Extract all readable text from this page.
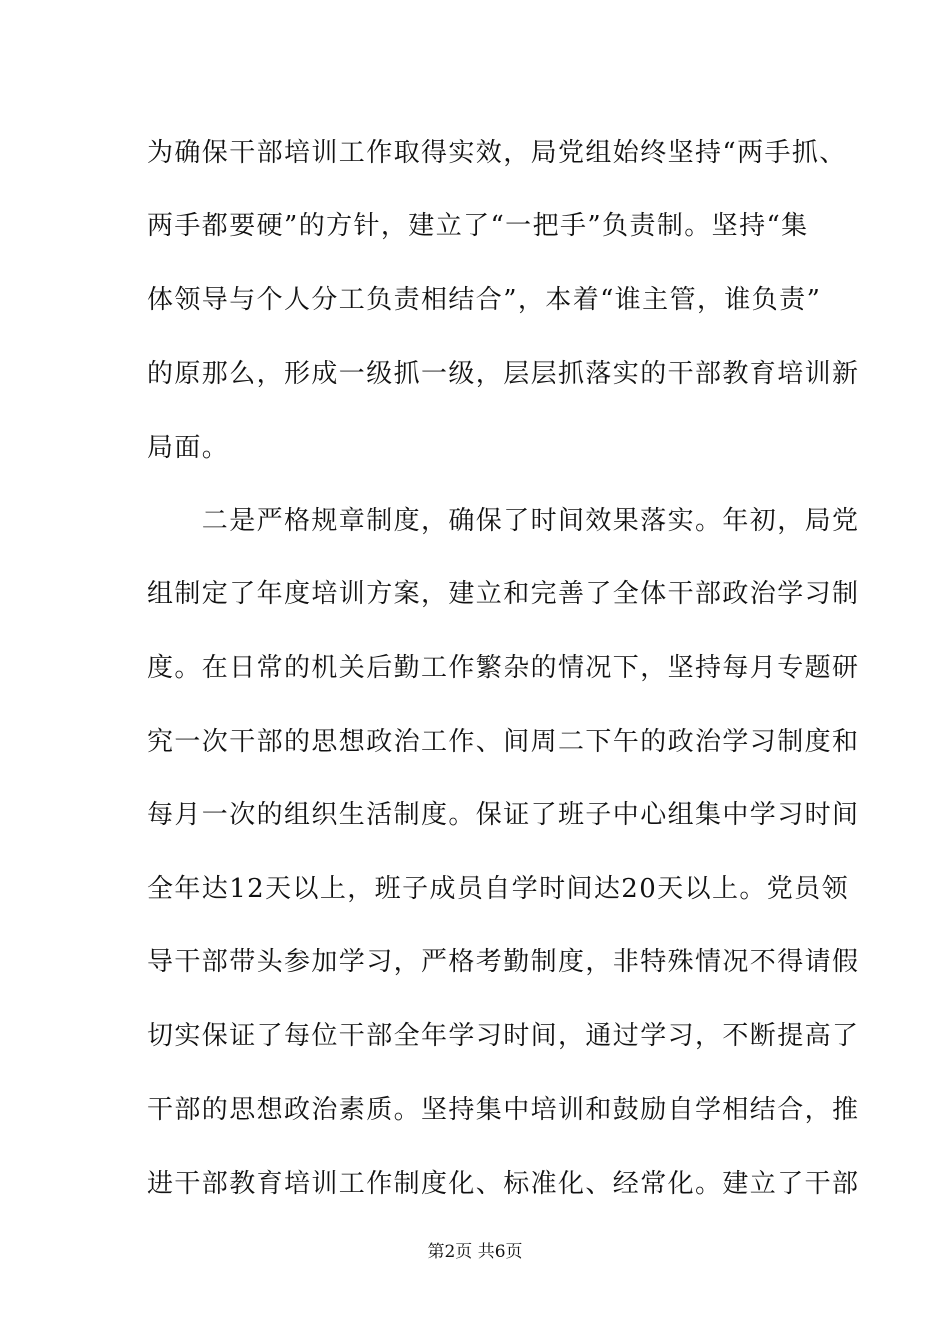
为确保干部培训工作取得实效，局党组始终坚持“两手抓、
两手都要硬”的方针，建立了“一把手”负责制。坚持“集
体领导与个人分工负责相结合”，本着“谁主管，谁负责”
的原那么，形成一级抓一级，层层抓落实的干部教育培训新
局面。
　　二是严格规章制度，确保了时间效果落实。年初，局党
组制定了年度培训方案，建立和完善了全体干部政治学习制
度。在日常的机关后勤工作繁杂的情况下，坚持每月专题研
究一次干部的思想政治工作、间周二下午的政治学习制度和
每月一次的组织生活制度。保证了班子中心组集中学习时间
全年达12天以上，班子成员自学时间达20天以上。党员领
导干部带头参加学习，严格考勤制度，非特殊情况不得请假
切实保证了每位干部全年学习时间，通过学习，不断提高了
干部的思想政治素质。坚持集中培训和鼓励自学相结合，推
进干部教育培训工作制度化、标准化、经常化。建立了干部
第2页 共6页
